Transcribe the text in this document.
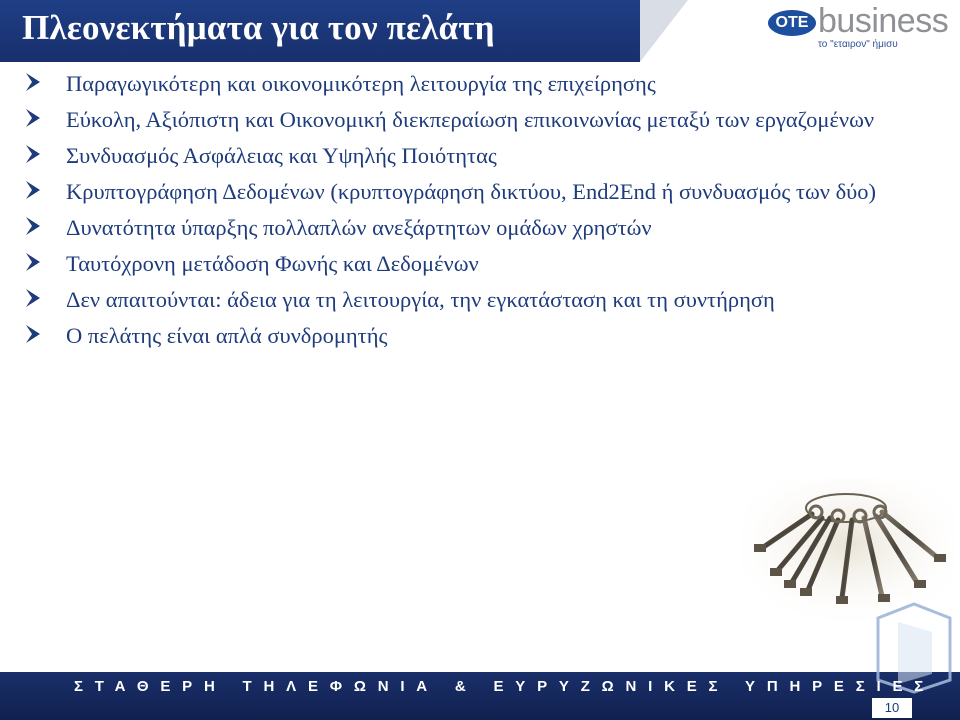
Πλεονεκτήματα για τον πελάτη	OTE business
το "εταιρον" ήμισυ
Παραγωγικότερη και οικονομικότερη λειτουργία της επιχείρησης
Εύκολη, Αξιόπιστη και Οικονομική διεκπεραίωση επικοινωνίας μεταξύ των εργαζομένων
Συνδυασμός Ασφάλειας και Υψηλής Ποιότητας
Κρυπτογράφηση Δεδομένων (κρυπτογράφηση δικτύου, End2End ή συνδυασμός των δύο)
Δυνατότητα ύπαρξης πολλαπλών ανεξάρτητων ομάδων χρηστών
Ταυτόχρονη μετάδοση Φωνής και Δεδομένων
Δεν απαιτούνται: άδεια για τη λειτουργία, την εγκατάσταση και τη συντήρηση
Ο πελάτης είναι απλά συνδρομητής
ΣΤΑΘΕΡΗ ΤΗΛΕΦΩΝΙΑ & ΕΥΡΥΖΩΝΙΚΕΣ ΥΠΗΡΕΣΙΕΣ
10
